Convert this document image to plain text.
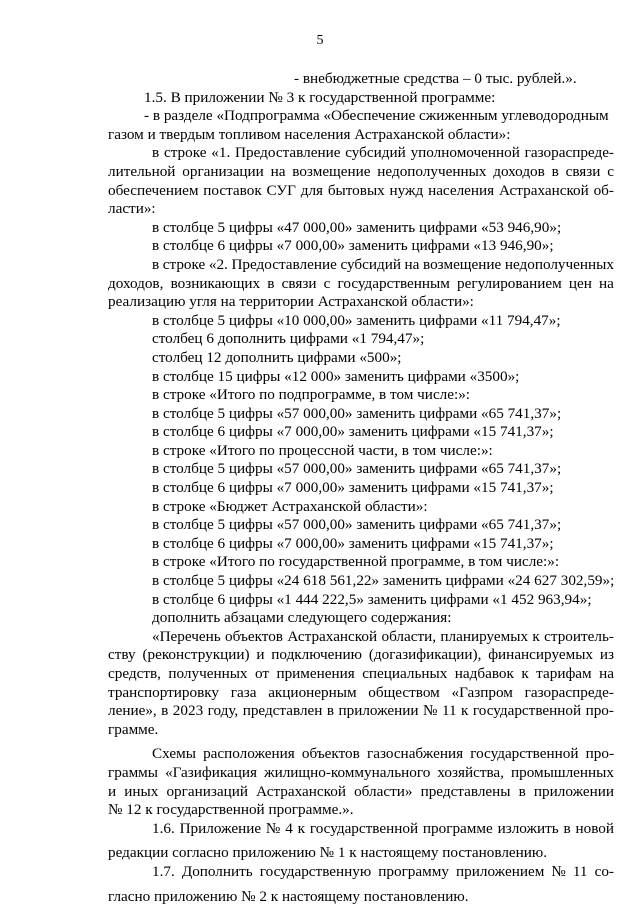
5
- внебюджетные средства – 0 тыс. рублей.».
1.5. В приложении № 3 к государственной программе:
- в разделе «Подпрограмма «Обеспечение сжиженным углеводородным
газом и твердым топливом населения Астраханской области»:
в строке «1. Предоставление субсидий уполномоченной газораспреде-
лительной организации на возмещение недополученных доходов в связи с
обеспечением поставок СУГ для бытовых нужд населения Астраханской об-
ласти»:
в столбце 5 цифры «47 000,00» заменить цифрами «53 946,90»;
в столбце 6 цифры «7 000,00» заменить цифрами «13 946,90»;
в строке «2. Предоставление субсидий на возмещение недополученных
доходов, возникающих в связи с государственным регулированием цен на
реализацию угля на территории Астраханской области»:
в столбце 5 цифры «10 000,00» заменить цифрами «11 794,47»;
столбец 6 дополнить цифрами «1 794,47»;
столбец 12 дополнить цифрами «500»;
в столбце 15 цифры «12 000» заменить цифрами «3500»;
в строке «Итого по подпрограмме, в том числе:»:
в столбце 5 цифры «57 000,00» заменить цифрами «65 741,37»;
в столбце 6 цифры «7 000,00» заменить цифрами «15 741,37»;
в строке «Итого по процессной части, в том числе:»:
в столбце 5 цифры «57 000,00» заменить цифрами «65 741,37»;
в столбце 6 цифры «7 000,00» заменить цифрами «15 741,37»;
в строке «Бюджет Астраханской области»:
в столбце 5 цифры «57 000,00» заменить цифрами «65 741,37»;
в столбце 6 цифры «7 000,00» заменить цифрами «15 741,37»;
в строке «Итого по государственной программе, в том числе:»:
в столбце 5 цифры «24 618 561,22» заменить цифрами «24 627 302,59»;
в столбце 6 цифры «1 444 222,5» заменить цифрами «1 452 963,94»;
дополнить абзацами следующего содержания:
«Перечень объектов Астраханской области, планируемых к строитель-
ству (реконструкции) и подключению (догазификации), финансируемых из
средств, полученных от применения специальных надбавок к тарифам на
транспортировку газа акционерным обществом «Газпром газораспреде-
ление», в 2023 году, представлен в приложении № 11 к государственной про-
грамме.
Схемы расположения объектов газоснабжения государственной про-
граммы «Газификация жилищно-коммунального хозяйства, промышленных
и иных организаций Астраханской области» представлены в приложении
№ 12 к государственной программе.».
1.6. Приложение № 4 к государственной программе изложить в новой
редакции согласно приложению № 1 к настоящему постановлению.
1.7. Дополнить государственную программу приложением № 11 со-
гласно приложению № 2 к настоящему постановлению.
